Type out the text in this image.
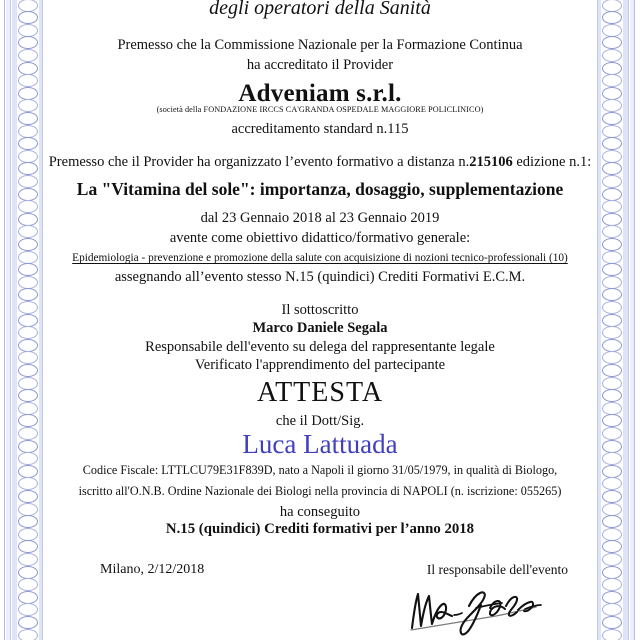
degli operatori della Sanità
Premesso che la Commissione Nazionale per la Formazione Continua
ha accreditato il Provider
Adveniam s.r.l.
(società della FONDAZIONE IRCCS CA'GRANDA OSPEDALE MAGGIORE POLICLINICO)
accreditamento standard n.115
Premesso che il Provider ha organizzato l’evento formativo a distanza n.215106 edizione n.1:
La "Vitamina del sole": importanza, dosaggio, supplementazione
dal 23 Gennaio 2018 al 23 Gennaio 2019
avente come obiettivo didattico/formativo generale:
Epidemiologia - prevenzione e promozione della salute con acquisizione di nozioni tecnico-professionali (10)
assegnando all’evento stesso N.15 (quindici) Crediti Formativi E.C.M.
Il sottoscritto
Marco Daniele Segala
Responsabile dell'evento su delega del rappresentante legale
Verificato l'apprendimento del partecipante
ATTESTA
che il Dott/Sig.
Luca Lattuada
Codice Fiscale: LTTLCU79E31F839D, nato a Napoli il giorno 31/05/1979, in qualità di Biologo,
iscritto all'O.N.B. Ordine Nazionale dei Biologi nella provincia di NAPOLI (n. iscrizione: 055265)
ha conseguito
N.15 (quindici) Crediti formativi per l’anno 2018
Milano, 2/12/2018	Il responsabile dell'evento
